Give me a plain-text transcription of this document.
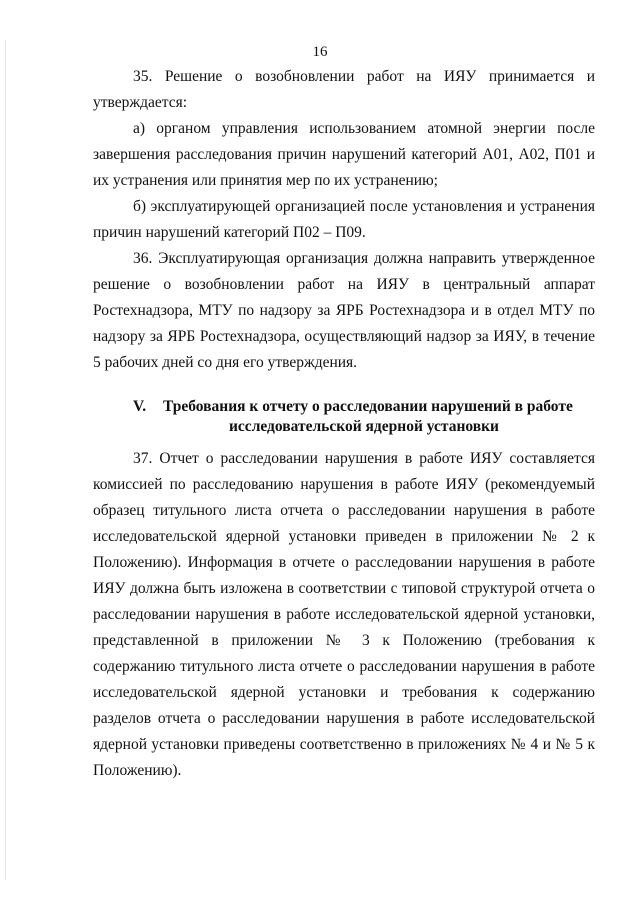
16

35. Решение о возобновлении работ на ИЯУ принимается и утверждается:

а) органом управления использованием атомной энергии после завершения расследования причин нарушений категорий А01, А02, П01 и их устранения или принятия мер по их устранению;

б) эксплуатирующей организацией после установления и устранения причин нарушений категорий П02 – П09.

36. Эксплуатирующая организация должна направить утвержденное решение о возобновлении работ на ИЯУ в центральный аппарат Ростехнадзора, МТУ по надзору за ЯРБ Ростехнадзора и в отдел МТУ по надзору за ЯРБ Ростехнадзора, осуществляющий надзор за ИЯУ, в течение 5 рабочих дней со дня его утверждения.

V. Требования к отчету о расследовании нарушений в работе
исследовательской ядерной установки

37. Отчет о расследовании нарушения в работе ИЯУ составляется комиссией по расследованию нарушения в работе ИЯУ (рекомендуемый образец титульного листа отчета о расследовании нарушения в работе исследовательской ядерной установки приведен в приложении № 2 к Положению). Информация в отчете о расследовании нарушения в работе ИЯУ должна быть изложена в соответствии с типовой структурой отчета о расследовании нарушения в работе исследовательской ядерной установки, представленной в приложении № 3 к Положению (требования к содержанию титульного листа отчете о расследовании нарушения в работе исследовательской ядерной установки и требования к содержанию разделов отчета о расследовании нарушения в работе исследовательской ядерной установки приведены соответственно в приложениях № 4 и № 5 к Положению).
